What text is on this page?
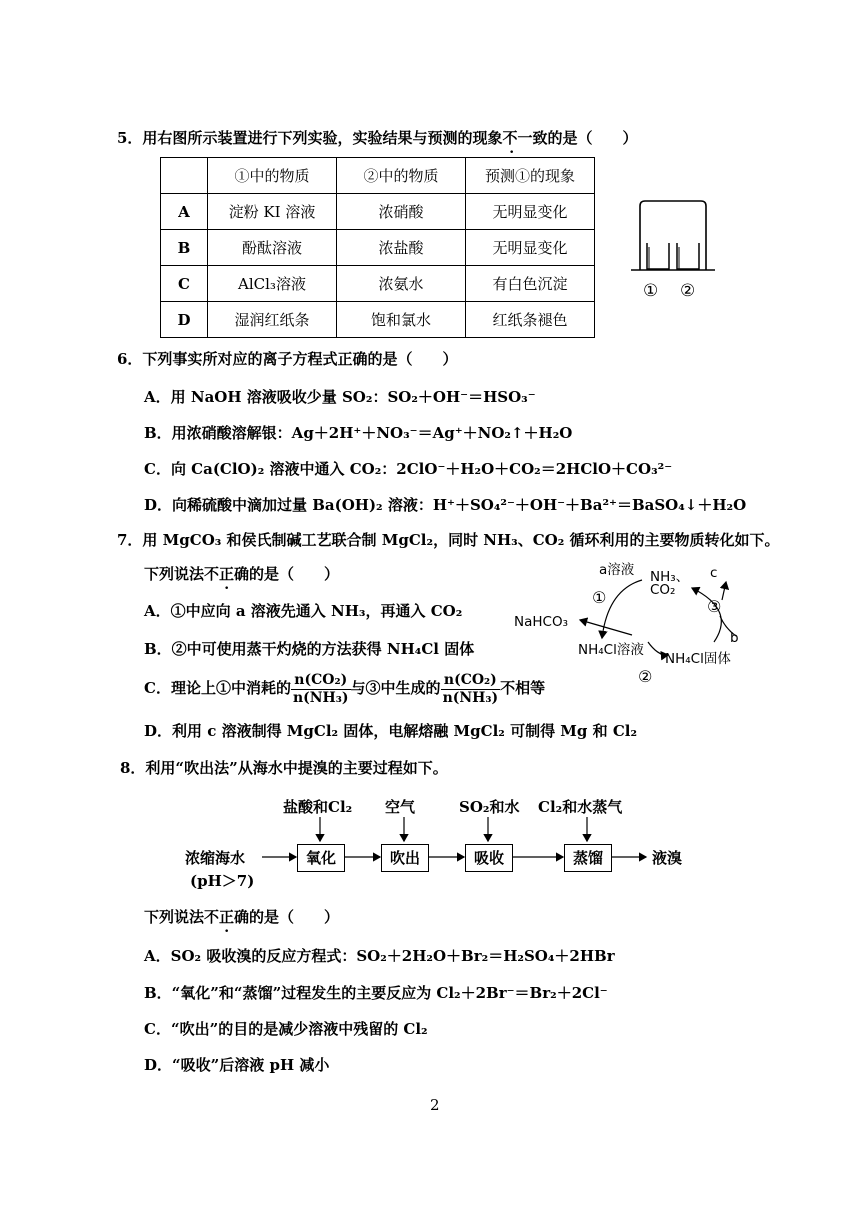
5．用右图所示装置进行下列实验，实验结果与预测的现象不一致的是（　　）
	①中的物质	②中的物质	预测①的现象
A	淀粉 KI 溶液	浓硝酸	无明显变化
B	酚酞溶液	浓盐酸	无明显变化
C	AlCl₃溶液	浓氨水	有白色沉淀
D	湿润红纸条	饱和氯水	红纸条褪色
① ②
6．下列事实所对应的离子方程式正确的是（　　）
A．用 NaOH 溶液吸收少量 SO₂：SO₂＋OH⁻＝HSO₃⁻
B．用浓硝酸溶解银：Ag＋2H⁺＋NO₃⁻＝Ag⁺＋NO₂↑＋H₂O
C．向 Ca(ClO)₂ 溶液中通入 CO₂：2ClO⁻＋H₂O＋CO₂＝2HClO＋CO₃²⁻
D．向稀硫酸中滴加过量 Ba(OH)₂ 溶液：H⁺＋SO₄²⁻＋OH⁻＋Ba²⁺＝BaSO₄↓＋H₂O
7．用 MgCO₃ 和侯氏制碱工艺联合制 MgCl₂，同时 NH₃、CO₂ 循环利用的主要物质转化如下。
下列说法不正确的是（　　）
A．①中应向 a 溶液先通入 NH₃，再通入 CO₂
B．②中可使用蒸干灼烧的方法获得 NH₄Cl 固体
C．理论上①中消耗的 $\frac{\text{n(CO₂)}}{\text{n(NH₃)}}$ 与③中生成的 $\frac{\text{n(CO₂)}}{\text{n(NH₃)}}$ 不相等
D．利用 c 溶液制得 MgCl₂ 固体，电解熔融 MgCl₂ 可制得 Mg 和 Cl₂
a溶液 NH₃、
CO₂
c
①	③
NaHCO₃
b
NH₄Cl溶液
NH₄Cl固体
②
8．利用“吹出法”从海水中提溴的主要过程如下。
盐酸和Cl₂ 空气	SO₂和水 Cl₂和水蒸气
浓缩海水
(pH＞7)
氧化	吹出	吸收	蒸馏	液溴
下列说法不正确的是（　　）
A．SO₂ 吸收溴的反应方程式：SO₂＋2H₂O＋Br₂＝H₂SO₄＋2HBr
B．“氧化”和“蒸馏”过程发生的主要反应为 Cl₂＋2Br⁻＝Br₂＋2Cl⁻
C．“吹出”的目的是减少溶液中残留的 Cl₂
D．“吸收”后溶液 pH 减小
2
